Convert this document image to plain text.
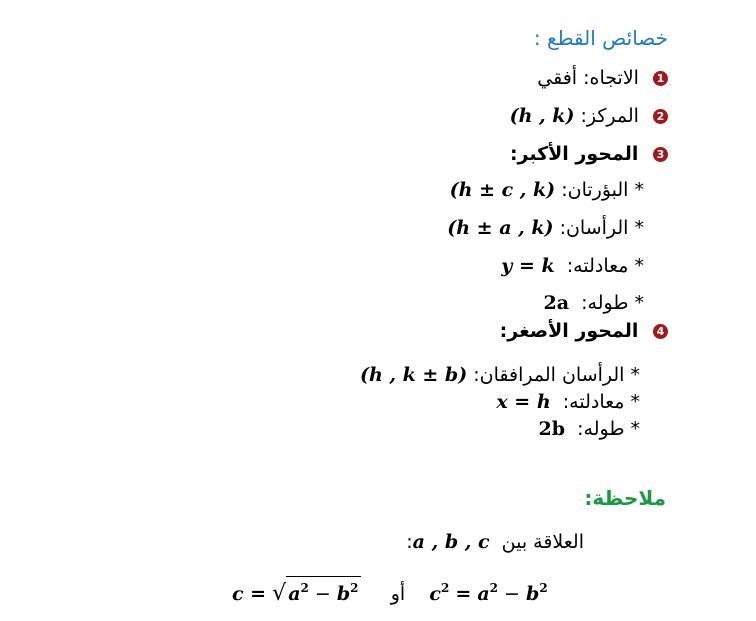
خصائص القطع :
أفقي الاتجاه: 1
(h , k) المركز: 2
المحور الأكبر: 3
(h ± c , k) * البؤرتان:
(h ± a , k) * الرأسان:
y = k * معادلته:
2a * طوله:
المحور الأصغر: 4
(h , k ± b) * الرأسان المرافقان:
x = h * معادلته:
2b * طوله:
ملاحظة:
:a , b , c العلاقة بين
c = √ $a^2 - b^2$ أو $c^2 = a^2 - b^2$
